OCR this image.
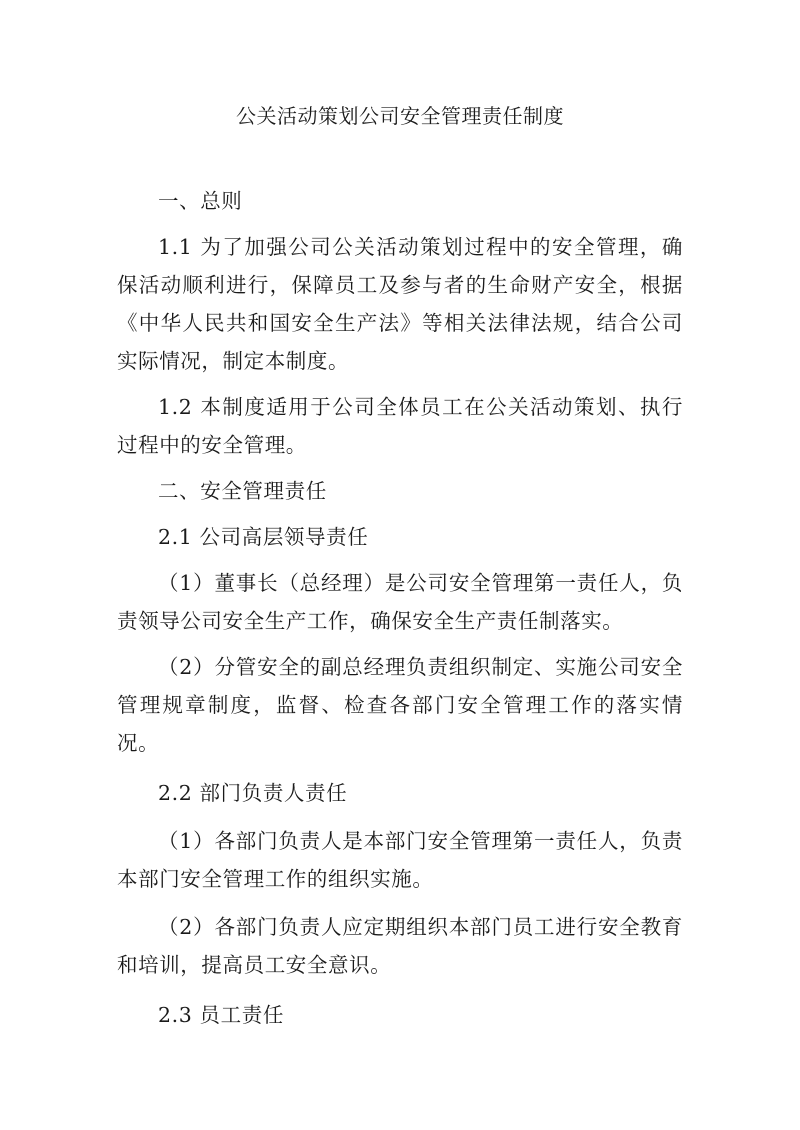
公关活动策划公司安全管理责任制度

一、总则

1.1 为了加强公司公关活动策划过程中的安全管理，确保活动顺利进行，保障员工及参与者的生命财产安全，根据《中华人民共和国安全生产法》等相关法律法规，结合公司实际情况，制定本制度。

1.2 本制度适用于公司全体员工在公关活动策划、执行过程中的安全管理。

二、安全管理责任

2.1 公司高层领导责任

（1）董事长（总经理）是公司安全管理第一责任人，负责领导公司安全生产工作，确保安全生产责任制落实。

（2）分管安全的副总经理负责组织制定、实施公司安全管理规章制度，监督、检查各部门安全管理工作的落实情况。

2.2 部门负责人责任

（1）各部门负责人是本部门安全管理第一责任人，负责本部门安全管理工作的组织实施。

（2）各部门负责人应定期组织本部门员工进行安全教育和培训，提高员工安全意识。

2.3 员工责任
